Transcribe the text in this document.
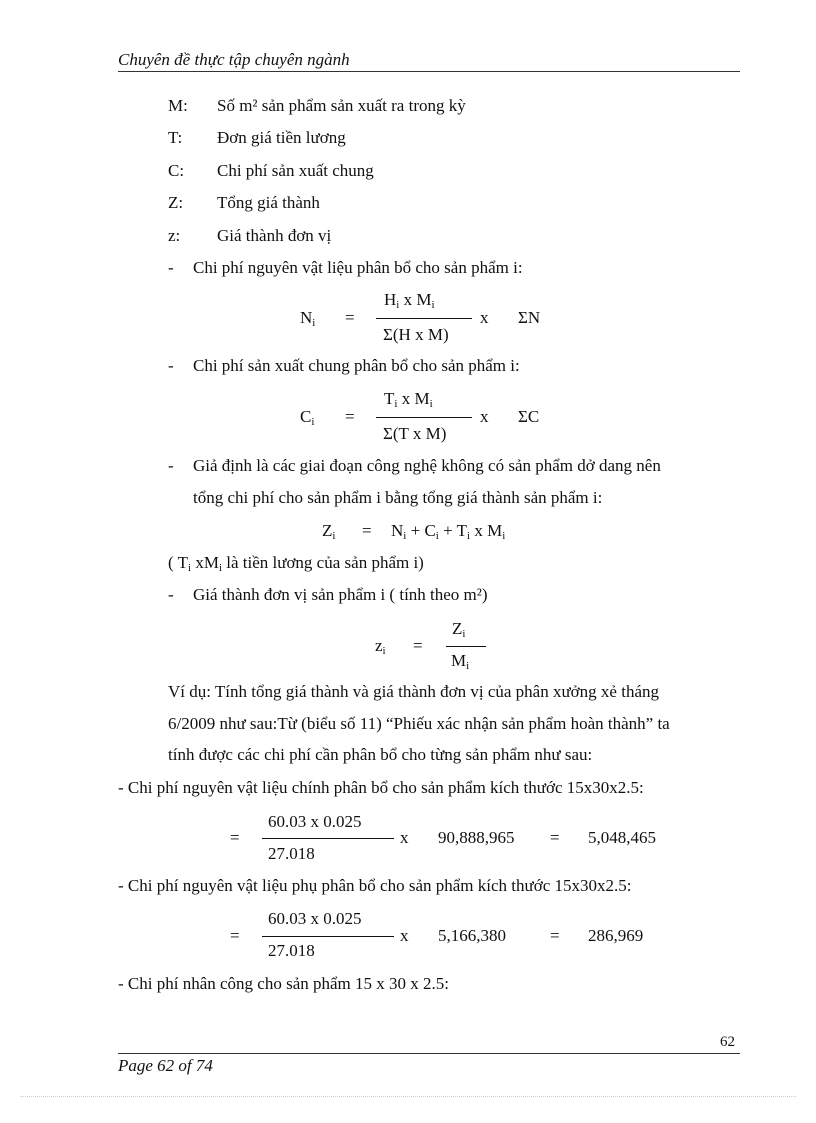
Chuyên đề thực tập chuyên ngành
M: Số m² sản phẩm sản xuất ra trong kỳ
T: Đơn giá tiền lương
C: Chi phí sản xuất chung
Z: Tổng giá thành
z: Giá thành đơn vị
- Chi phí nguyên vật liệu phân bổ cho sản phẩm i:
$N_i$ =
$H_i$ x $M_i$
Σ(H x M)
x ΣN
- Chi phí sản xuất chung phân bổ cho sản phẩm i:
$C_i$ =
$T_i$ x $M_i$
Σ(T x M)
x ΣC
- Giả định là các giai đoạn công nghệ không có sản phẩm dở dang nên
tổng chi phí cho sản phẩm i bằng tổng giá thành sản phẩm i:
$Z_i = N_i + C_i + T_i$ x $M_i$
( $T_i$ $xM_i$ là tiền lương của sản phẩm i)
- Giá thành đơn vị sản phẩm i ( tính theo m²)
$z_i$ =
$Z_i$
$M_i$
Ví dụ: Tính tổng giá thành và giá thành đơn vị của phân xưởng xẻ tháng
6/2009 như sau:Từ (biểu số 11) “Phiếu xác nhận sản phẩm hoàn thành” ta
tính được các chi phí cần phân bổ cho từng sản phẩm như sau:
- Chi phí nguyên vật liệu chính phân bổ cho sản phẩm kích thước 15x30x2.5:
=
60.03 x 0.025
27.018
x 90,888,965 = 5,048,465
- Chi phí nguyên vật liệu phụ phân bổ cho sản phẩm kích thước 15x30x2.5:
=
60.03 x 0.025
27.018
x 5,166,380	= 286,969
- Chi phí nhân công cho sản phẩm 15 x 30 x 2.5:
62
Page 62 of 74
